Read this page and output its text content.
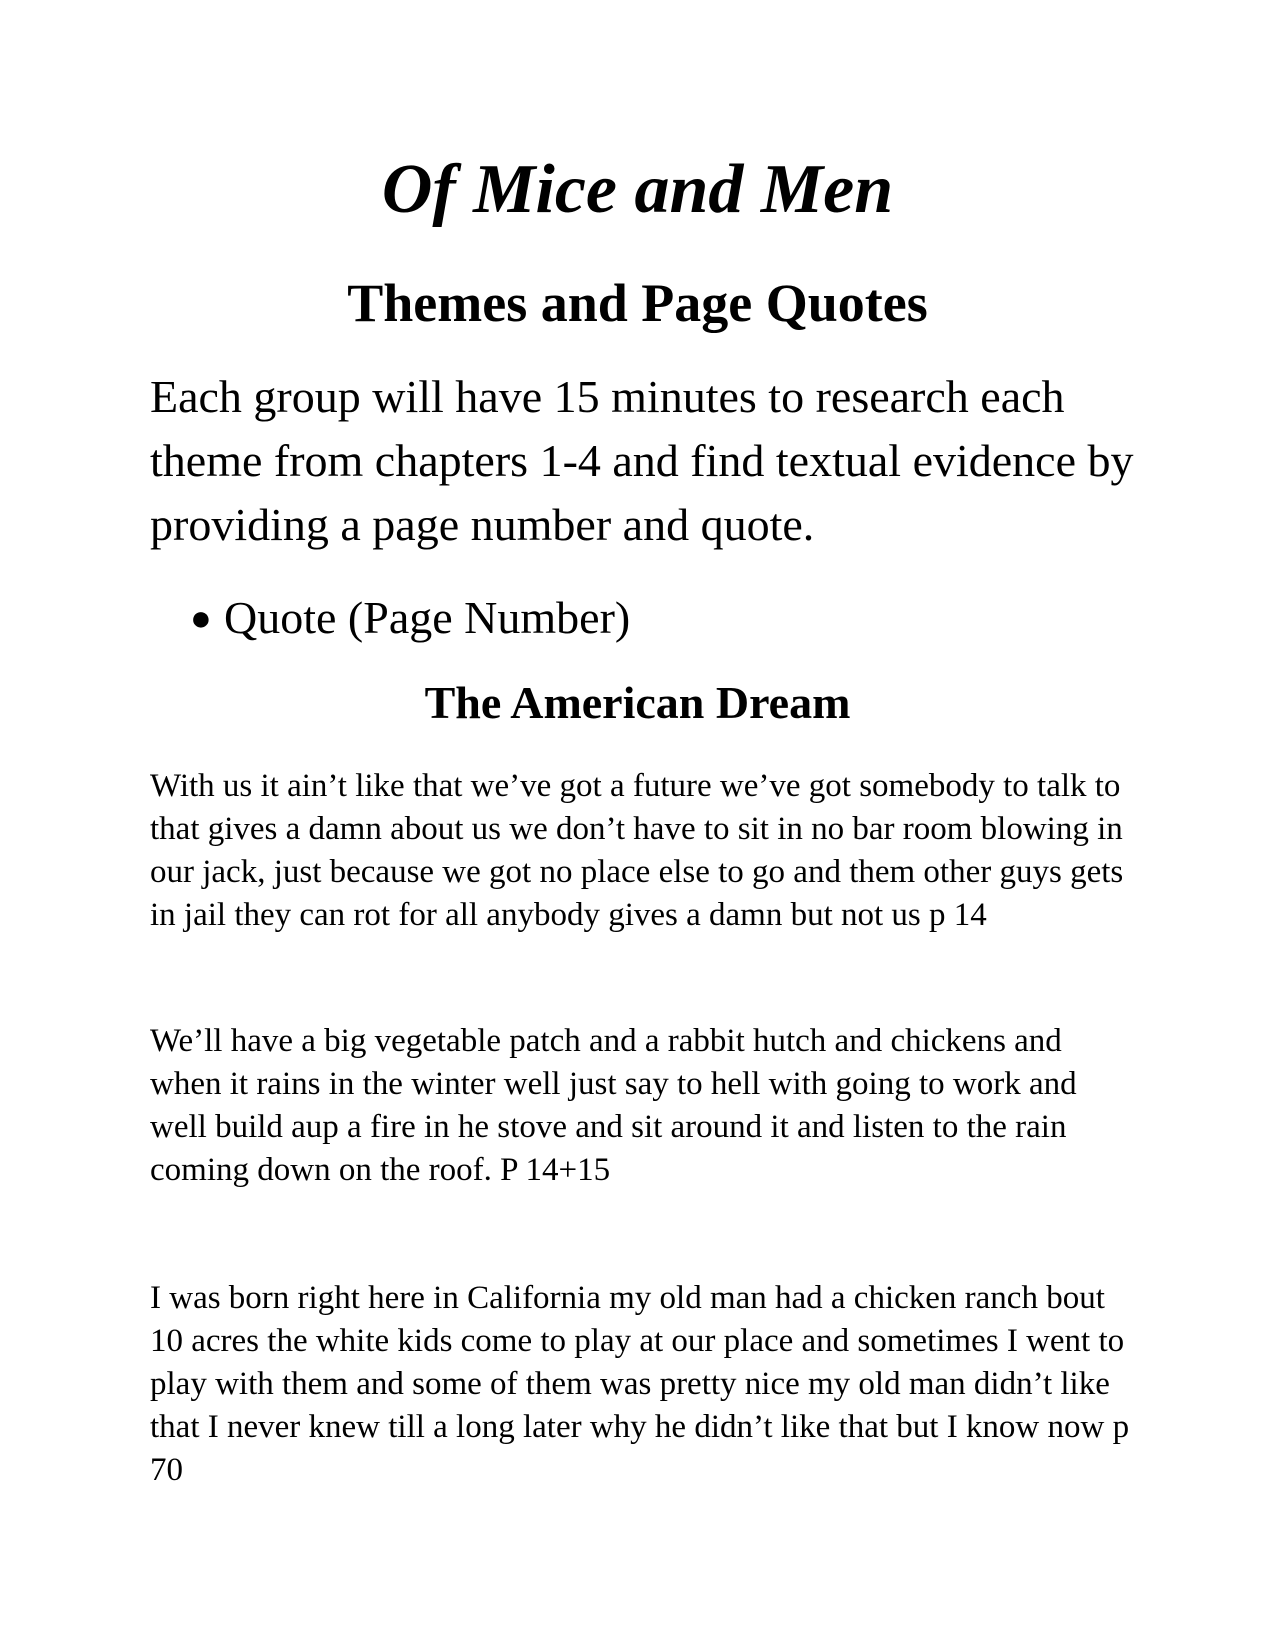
Of Mice and Men
Themes and Page Quotes

Each group will have 15 minutes to research each theme from chapters 1-4 and find textual evidence by providing a page number and quote.

● Quote (Page Number)
The American Dream

With us it ain’t like that we’ve got a future we’ve got somebody to talk to that gives a damn about us we don’t have to sit in no bar room blowing in our jack, just because we got no place else to go and them other guys gets in jail they can rot for all anybody gives a damn but not us p 14

We’ll have a big vegetable patch and a rabbit hutch and chickens and when it rains in the winter well just say to hell with going to work and well build aup a fire in he stove and sit around it and listen to the rain coming down on the roof. P 14+15

I was born right here in California my old man had a chicken ranch bout 10 acres the white kids come to play at our place and sometimes I went to play with them and some of them was pretty nice my old man didn’t like that I never knew till a long later why he didn’t like that but I know now p 70
